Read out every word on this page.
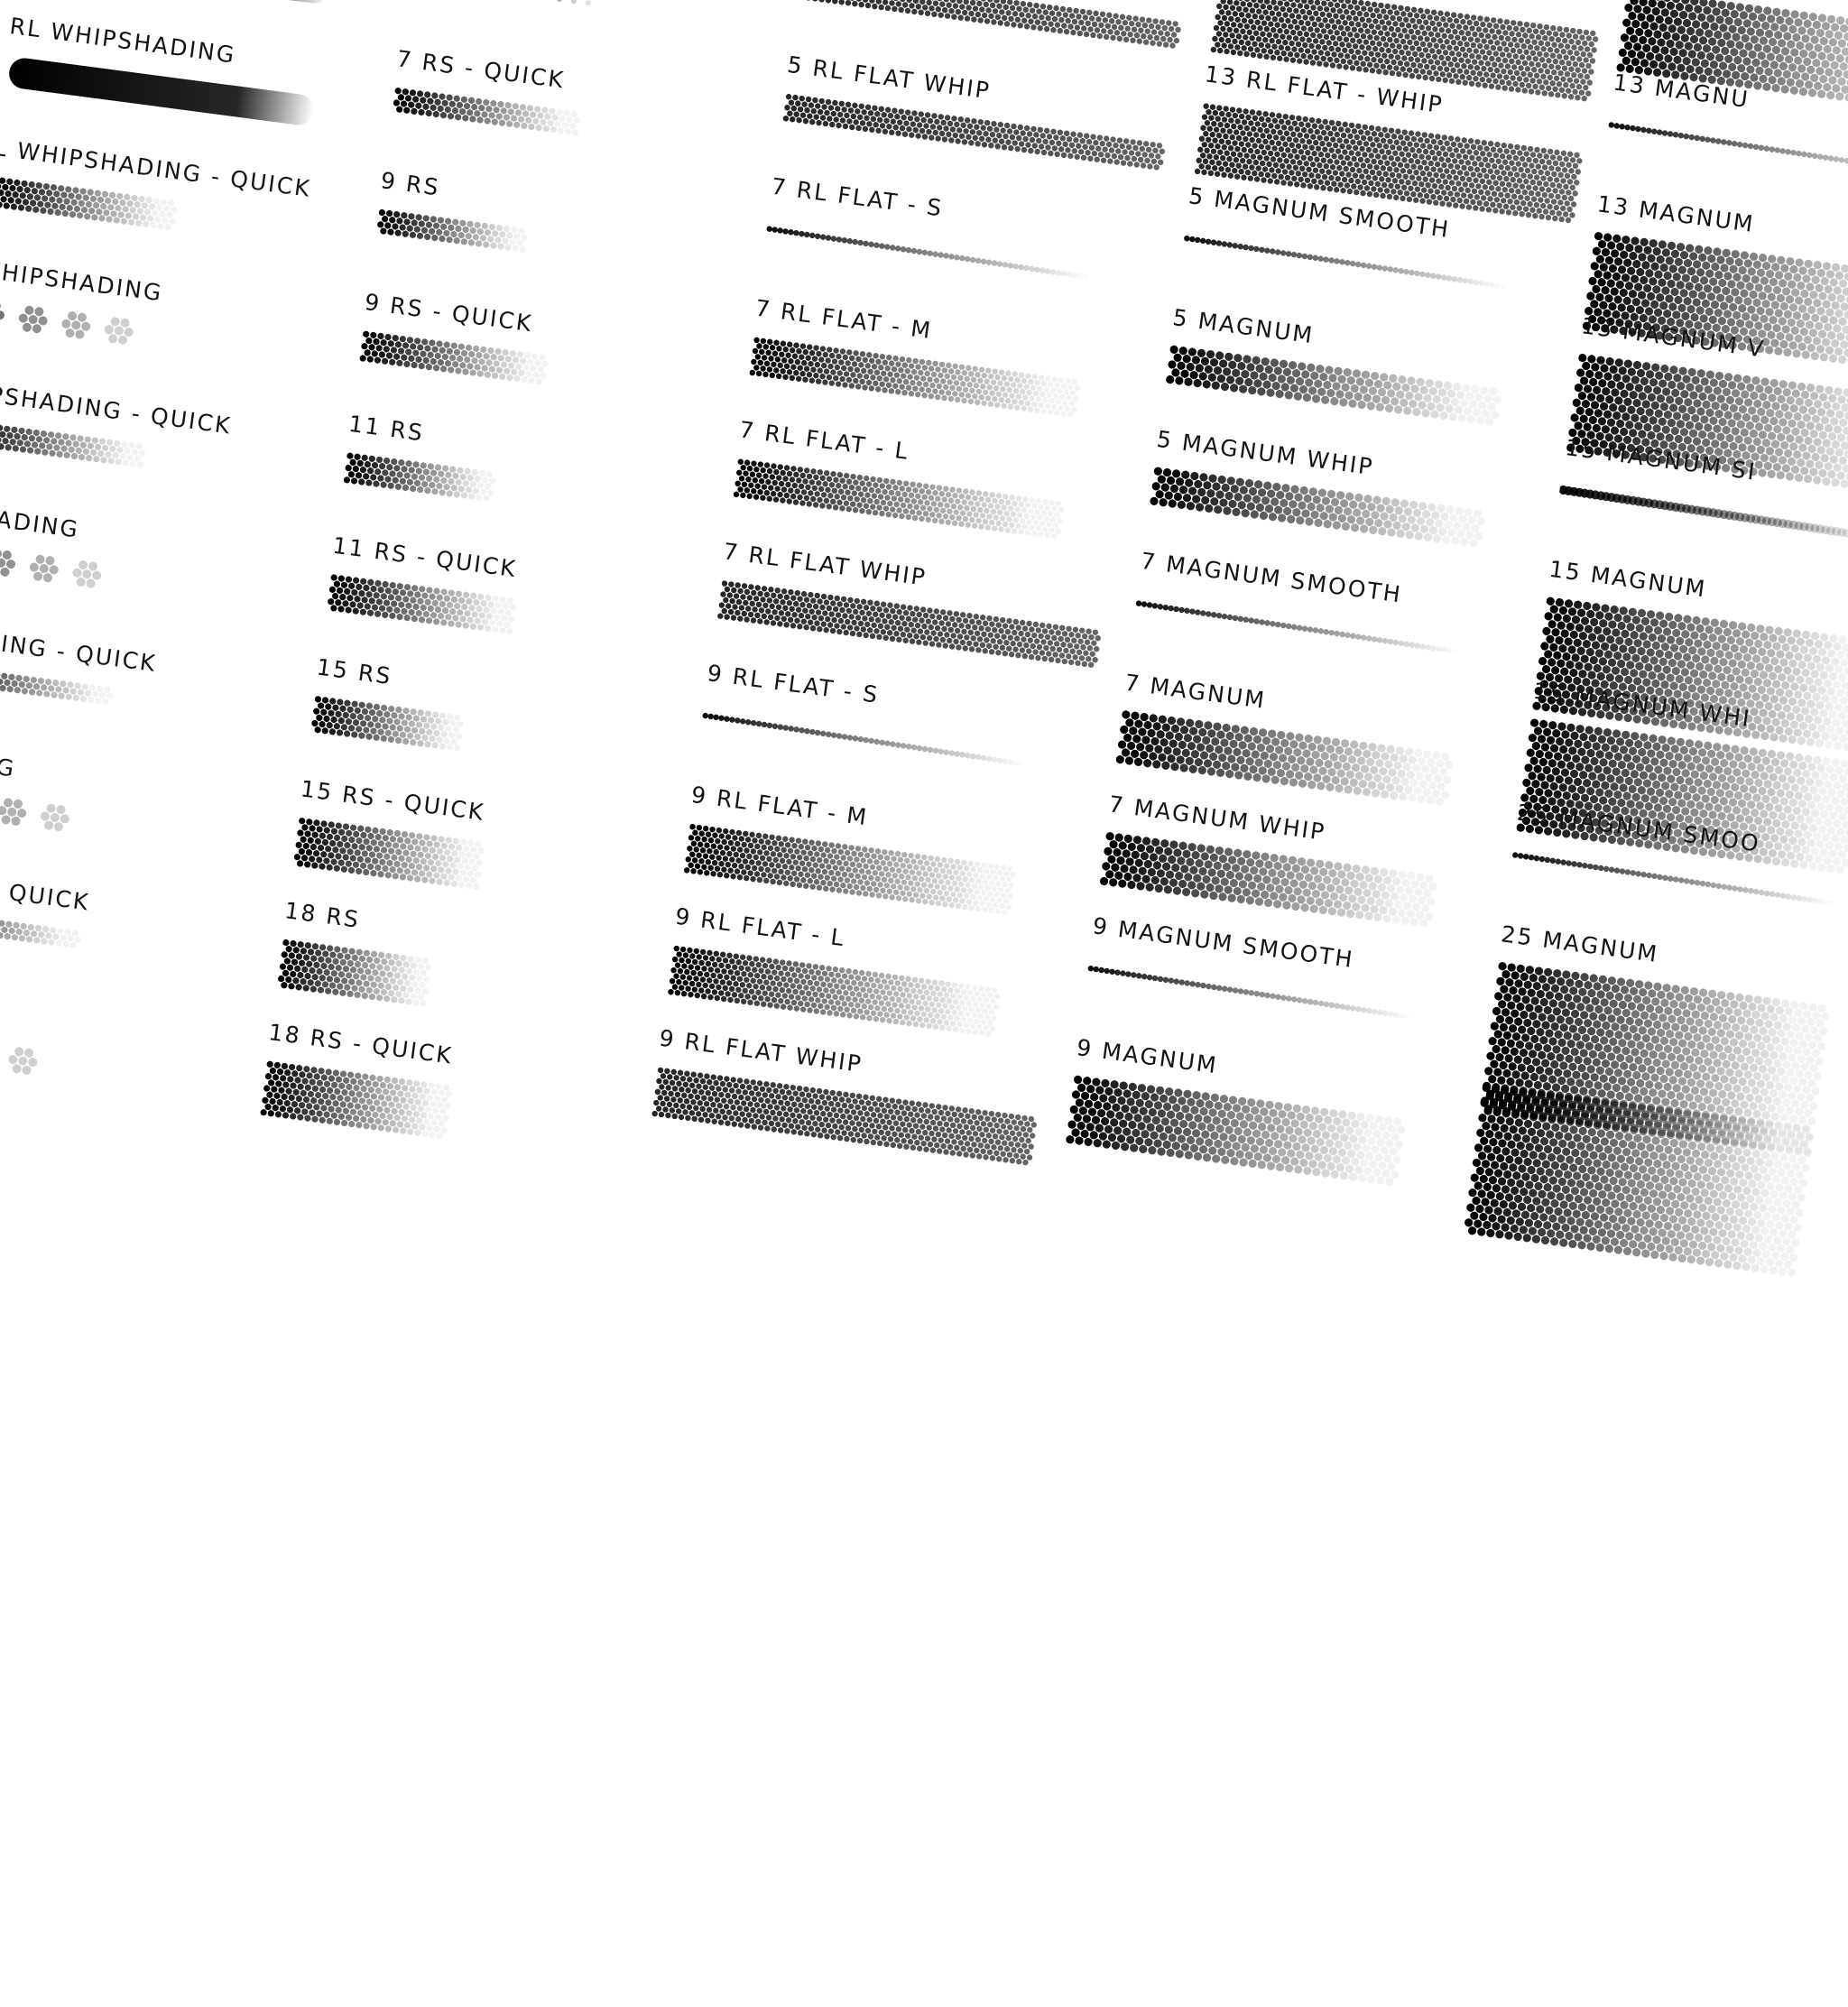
RL WHIPSHADING
L WHIPSHADING - QUICK
WHIPSHADING
HIPSHADING - QUICK
PSHADING
SHADING - QUICK
HADING
QUICK
7 RS - QUICK
9 RS
9 RS - QUICK
11 RS
11 RS - QUICK
15 RS
15 RS - QUICK
18 RS
18 RS - QUICK
5 RL FLAT WHIP
7 RL FLAT - S
7 RL FLAT - M
7 RL FLAT - L
7 RL FLAT WHIP
9 RL FLAT - S
9 RL FLAT - M
9 RL FLAT - L
9 RL FLAT WHIP
13 RL FLAT - WHIP
5 MAGNUM SMOOTH
5 MAGNUM
5 MAGNUM WHIP
7 MAGNUM SMOOTH
7 MAGNUM
7 MAGNUM WHIP
9 MAGNUM SMOOTH
9 MAGNUM
13 MAGNU
13 MAGNUM
13 MAGNUM V
15 MAGNUM SI
15 MAGNUM
15 MAGNUM WHI
25 MAGNUM SMOO
25 MAGNUM
